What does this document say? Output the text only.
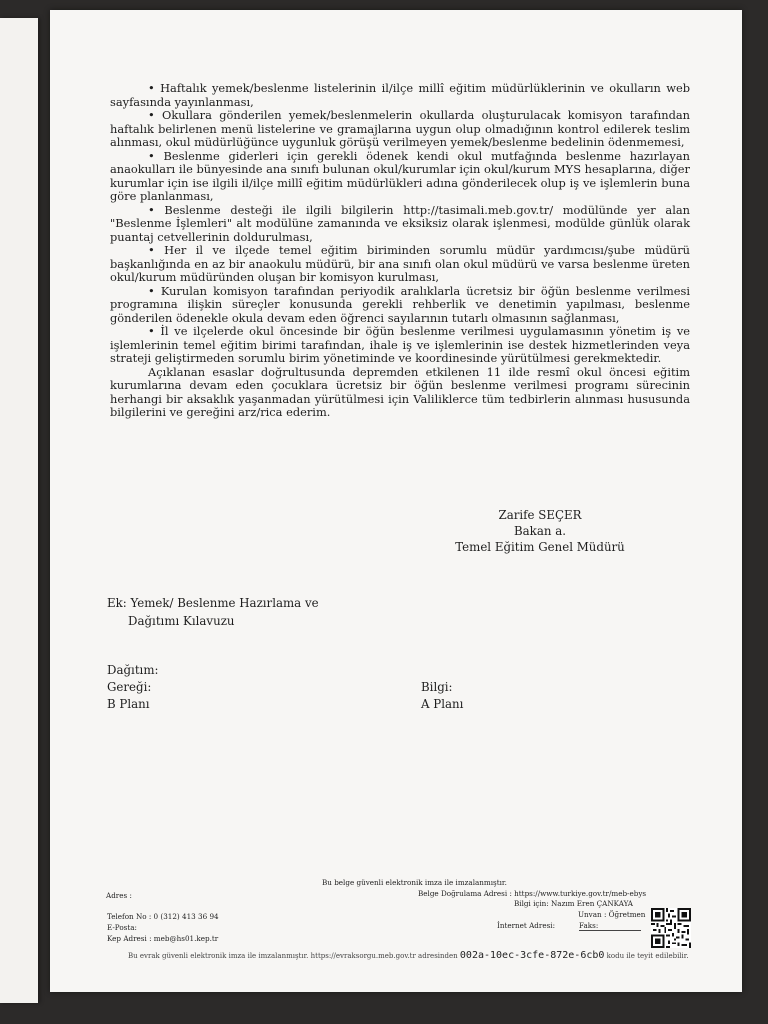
• Haftalık yemek/beslenme listelerinin il/ilçe millî eğitim müdürlüklerinin ve okulların web sayfasında yayınlanması,

• Okullara gönderilen yemek/beslenmelerin okullarda oluşturulacak komisyon tarafından haftalık belirlenen menü listelerine ve gramajlarına uygun olup olmadığının kontrol edilerek teslim alınması, okul müdürlüğünce uygunluk görüşü verilmeyen yemek/beslenme bedelinin ödenmemesi,

• Beslenme giderleri için gerekli ödenek kendi okul mutfağında beslenme hazırlayan anaokulları ile bünyesinde ana sınıfı bulunan okul/kurumlar için okul/kurum MYS hesaplarına, diğer kurumlar için ise ilgili il/ilçe millî eğitim müdürlükleri adına gönderilecek olup iş ve işlemlerin buna göre planlanması,

• Beslenme desteği ile ilgili bilgilerin http://tasimali.meb.gov.tr/ modülünde yer alan "Beslenme İşlemleri" alt modülüne zamanında ve eksiksiz olarak işlenmesi, modülde günlük olarak puantaj cetvellerinin doldurulması,

• Her il ve ilçede temel eğitim biriminden sorumlu müdür yardımcısı/şube müdürü başkanlığında en az bir anaokulu müdürü, bir ana sınıfı olan okul müdürü ve varsa beslenme üreten okul/kurum müdüründen oluşan bir komisyon kurulması,

• Kurulan komisyon tarafından periyodik aralıklarla ücretsiz bir öğün beslenme verilmesi programına ilişkin süreçler konusunda gerekli rehberlik ve denetimin yapılması, beslenme gönderilen ödenekle okula devam eden öğrenci sayılarının tutarlı olmasının sağlanması,

• İl ve ilçelerde okul öncesinde bir öğün beslenme verilmesi uygulamasının yönetim iş ve işlemlerinin temel eğitim birimi tarafından, ihale iş ve işlemlerinin ise destek hizmetlerinden veya strateji geliştirmeden sorumlu birim yönetiminde ve koordinesinde yürütülmesi gerekmektedir.

Açıklanan esaslar doğrultusunda depremden etkilenen 11 ilde resmî okul öncesi eğitim kurumlarına devam eden çocuklara ücretsiz bir öğün beslenme verilmesi programı sürecinin herhangi bir aksaklık yaşanmadan yürütülmesi için Valiliklerce tüm tedbirlerin alınması hususunda bilgilerini ve gereğini arz/rica ederim.

Zarife SEÇER
Bakan a.
Temel Eğitim Genel Müdürü
Ek: Yemek/ Beslenme Hazırlama ve
Dağıtımı Kılavuzu
Dağıtım:
Gereği:
B Planı
Bilgi:
A Planı
Bu belge güvenli elektronik imza ile imzalanmıştır.
Adres :	Belge Doğrulama Adresi : https://www.turkiye.gov.tr/meb-ebys
Bilgi için: Nazım Eren ÇANKAYA
Telefon No : 0 (312) 413 36 94	Unvan : Öğretmen
E-Posta:	İnternet Adresi:	Faks:
Kep Adresi : meb@hs01.kep.tr
Bu evrak güvenli elektronik imza ile imzalanmıştır. https://evraksorgu.meb.gov.tr adresinden 002a-10ec-3cfe-872e-6cb0 kodu ile teyit edilebilir.
